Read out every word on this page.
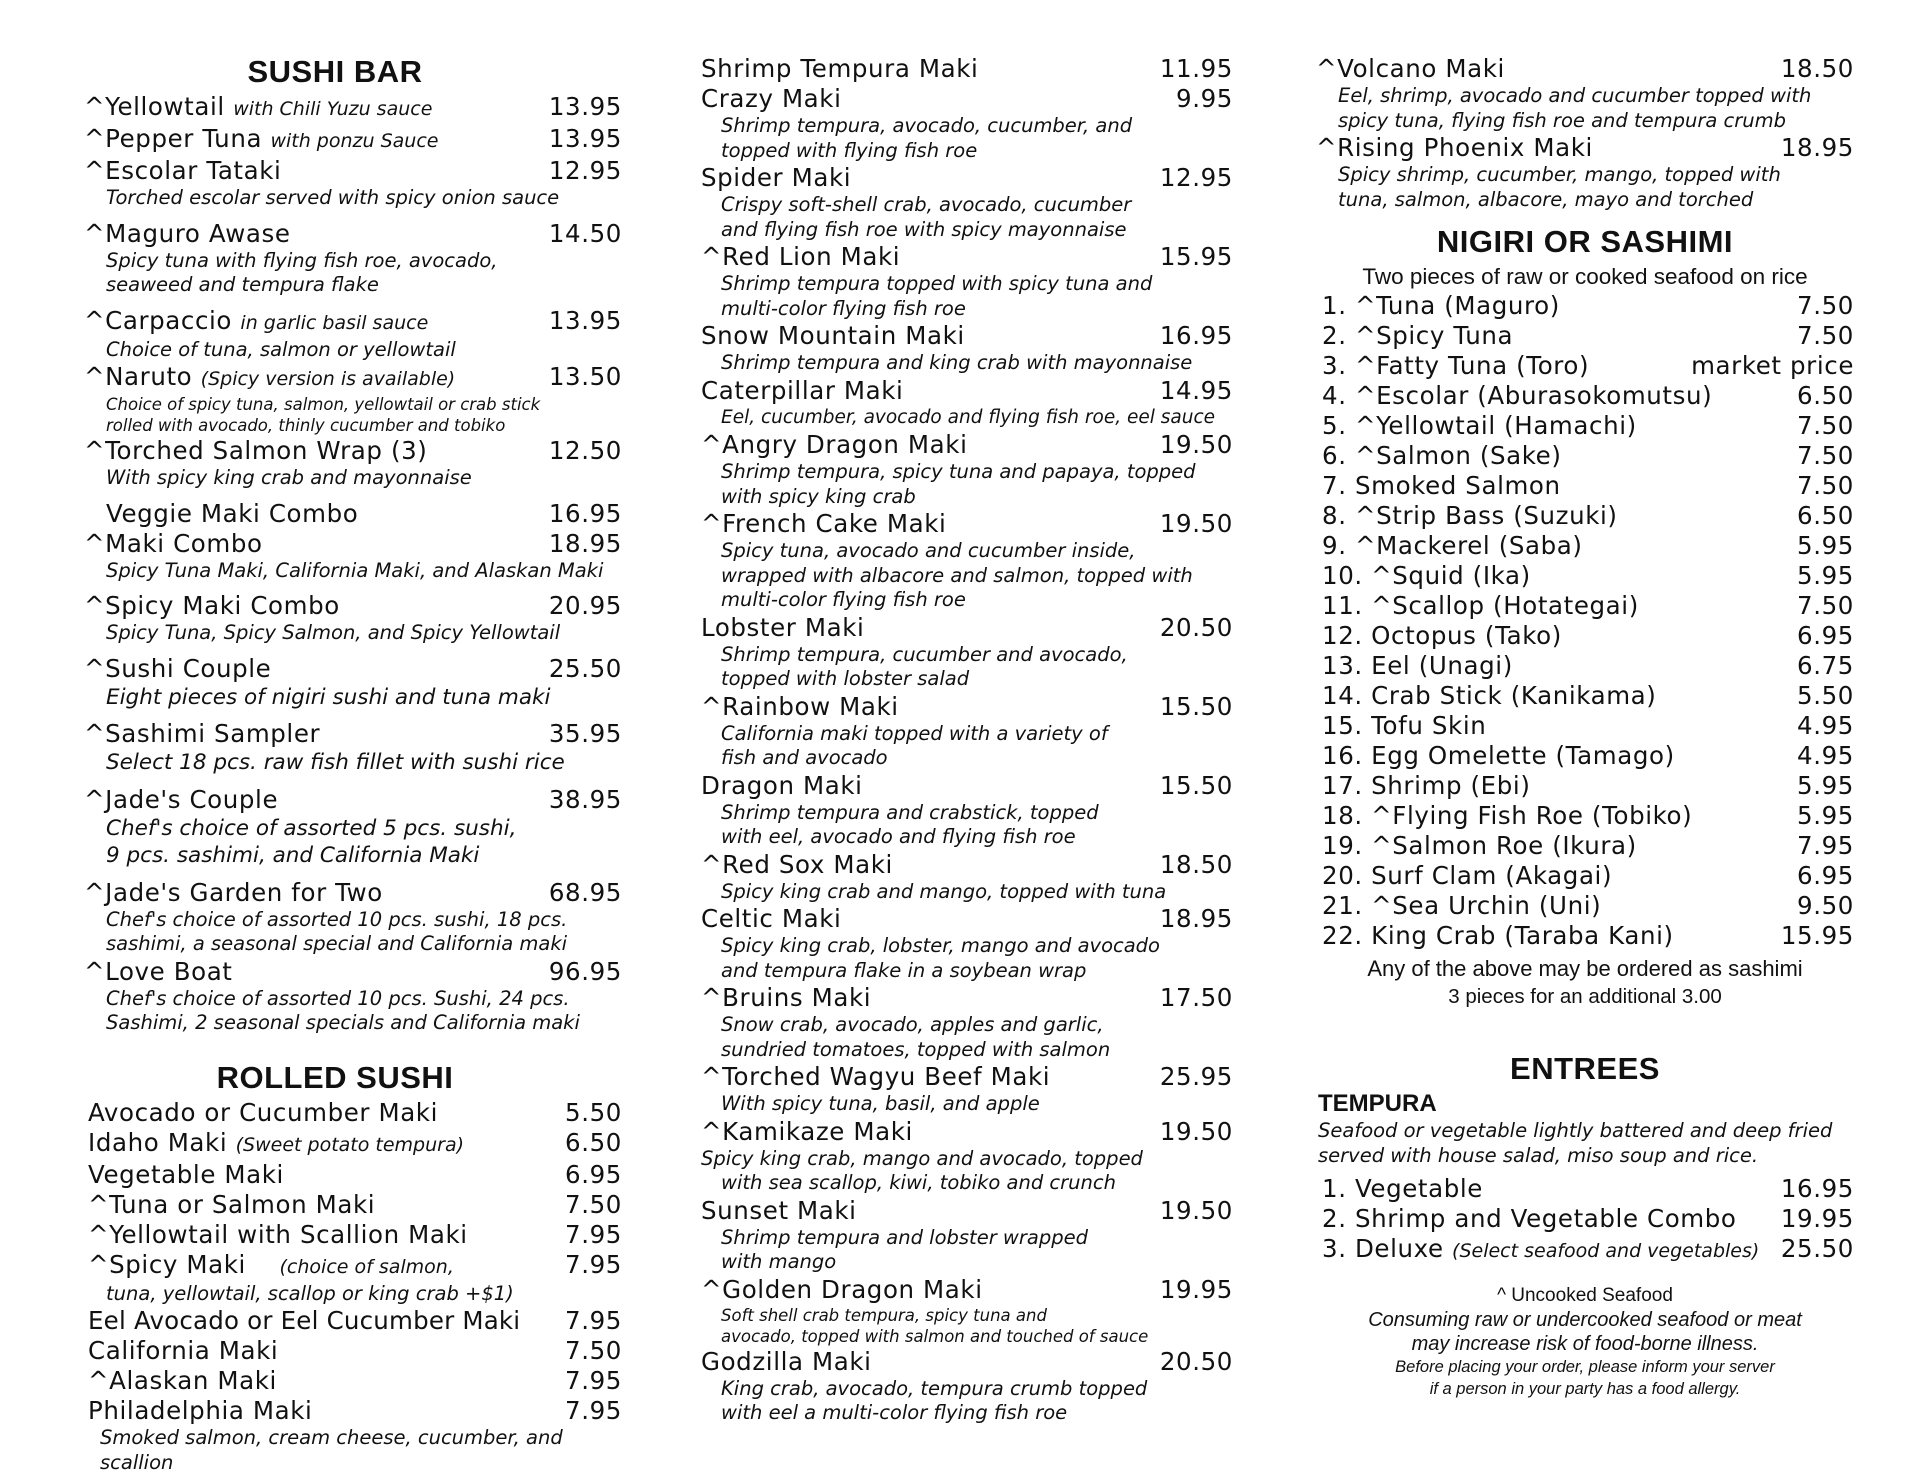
SUSHI BAR
^Yellowtail with Chili Yuzu sauce	13.95
^Pepper Tuna with ponzu Sauce	13.95
^Escolar Tataki	12.95
Torched escolar served with spicy onion sauce
^Maguro Awase	14.50
Spicy tuna with flying fish roe, avocado,
seaweed and tempura flake
^Carpaccio in garlic basil sauce	13.95
Choice of tuna, salmon or yellowtail
^Naruto (Spicy version is available)	13.50
Choice of spicy tuna, salmon, yellowtail or crab stick
rolled with avocado, thinly cucumber and tobiko
^Torched Salmon Wrap (3)	12.50
With spicy king crab and mayonnaise
Veggie Maki Combo	16.95
^Maki Combo	18.95
Spicy Tuna Maki, California Maki, and Alaskan Maki
^Spicy Maki Combo	20.95
Spicy Tuna, Spicy Salmon, and Spicy Yellowtail
^Sushi Couple	25.50
Eight pieces of nigiri sushi and tuna maki
^Sashimi Sampler	35.95
Select 18 pcs. raw fish fillet with sushi rice
^Jade's Couple	38.95
Chef's choice of assorted 5 pcs. sushi,
9 pcs. sashimi, and California Maki
^Jade's Garden for Two	68.95
Chef's choice of assorted 10 pcs. sushi, 18 pcs.
sashimi, a seasonal special and California maki
^Love Boat	96.95
Chef's choice of assorted 10 pcs. Sushi, 24 pcs.
Sashimi, 2 seasonal specials and California maki
ROLLED SUSHI
Avocado or Cucumber Maki	5.50
Idaho Maki (Sweet potato tempura)	6.50
Vegetable Maki	6.95
^Tuna or Salmon Maki	7.50
^Yellowtail with Scallion Maki	7.95
^Spicy Maki (choice of salmon,	7.95
tuna, yellowtail, scallop or king crab +$1)
Eel Avocado or Eel Cucumber Maki 7.95
California Maki	7.50
^Alaskan Maki	7.95
Philadelphia Maki	7.95
Smoked salmon, cream cheese, cucumber, and scallion
Shrimp Tempura Maki	11.95
Crazy Maki	9.95
Shrimp tempura, avocado, cucumber, and
topped with flying fish roe
Spider Maki	12.95
Crispy soft-shell crab, avocado, cucumber
and flying fish roe with spicy mayonnaise
^Red Lion Maki	15.95
Shrimp tempura topped with spicy tuna and
multi-color flying fish roe
Snow Mountain Maki	16.95
Shrimp tempura and king crab with mayonnaise
Caterpillar Maki	14.95
Eel, cucumber, avocado and flying fish roe, eel sauce
^Angry Dragon Maki	19.50
Shrimp tempura, spicy tuna and papaya, topped
with spicy king crab
^French Cake Maki	19.50
Spicy tuna, avocado and cucumber inside,
wrapped with albacore and salmon, topped with
multi-color flying fish roe
Lobster Maki	20.50
Shrimp tempura, cucumber and avocado,
topped with lobster salad
^Rainbow Maki	15.50
California maki topped with a variety of
fish and avocado
Dragon Maki	15.50
Shrimp tempura and crabstick, topped
with eel, avocado and flying fish roe
^Red Sox Maki	18.50
Spicy king crab and mango, topped with tuna
Celtic Maki	18.95
Spicy king crab, lobster, mango and avocado
and tempura flake in a soybean wrap
^Bruins Maki	17.50
Snow crab, avocado, apples and garlic,
sundried tomatoes, topped with salmon
^Torched Wagyu Beef Maki	25.95
With spicy tuna, basil, and apple
^Kamikaze Maki	19.50
Spicy king crab, mango and avocado, topped
with sea scallop, kiwi, tobiko and crunch
Sunset Maki	19.50
Shrimp tempura and lobster wrapped
with mango
^Golden Dragon Maki	19.95
Soft shell crab tempura, spicy tuna and
avocado, topped with salmon and touched of sauce
Godzilla Maki	20.50
King crab, avocado, tempura crumb topped
with eel a multi-color flying fish roe
^Volcano Maki	18.50
Eel, shrimp, avocado and cucumber topped with
spicy tuna, flying fish roe and tempura crumb
^Rising Phoenix Maki	18.95
Spicy shrimp, cucumber, mango, topped with
tuna, salmon, albacore, mayo and torched
NIGIRI OR SASHIMI
Two pieces of raw or cooked seafood on rice
1. ^Tuna (Maguro)	7.50
2. ^Spicy Tuna	7.50
3. ^Fatty Tuna (Toro)	market price
4. ^Escolar (Aburasokomutsu)	6.50
5. ^Yellowtail (Hamachi)	7.50
6. ^Salmon (Sake)	7.50
7. Smoked Salmon	7.50
8. ^Strip Bass (Suzuki)	6.50
9. ^Mackerel (Saba)	5.95
10. ^Squid (Ika)	5.95
11. ^Scallop (Hotategai)	7.50
12. Octopus (Tako)	6.95
13. Eel (Unagi)	6.75
14. Crab Stick (Kanikama)	5.50
15. Tofu Skin	4.95
16. Egg Omelette (Tamago)	4.95
17. Shrimp (Ebi)	5.95
18. ^Flying Fish Roe (Tobiko)	5.95
19. ^Salmon Roe (Ikura)	7.95
20. Surf Clam (Akagai)	6.95
21. ^Sea Urchin (Uni)	9.50
22. King Crab (Taraba Kani)	15.95
Any of the above may be ordered as sashimi
3 pieces for an additional 3.00
ENTREES
TEMPURA
Seafood or vegetable lightly battered and deep fried
served with house salad, miso soup and rice.
1. Vegetable	16.95
2. Shrimp and Vegetable Combo 19.95
3. Deluxe (Select seafood and vegetables) 25.50
^ Uncooked Seafood
Consuming raw or undercooked seafood or meat
may increase risk of food-borne illness.
Before placing your order, please inform your server
if a person in your party has a food allergy.
